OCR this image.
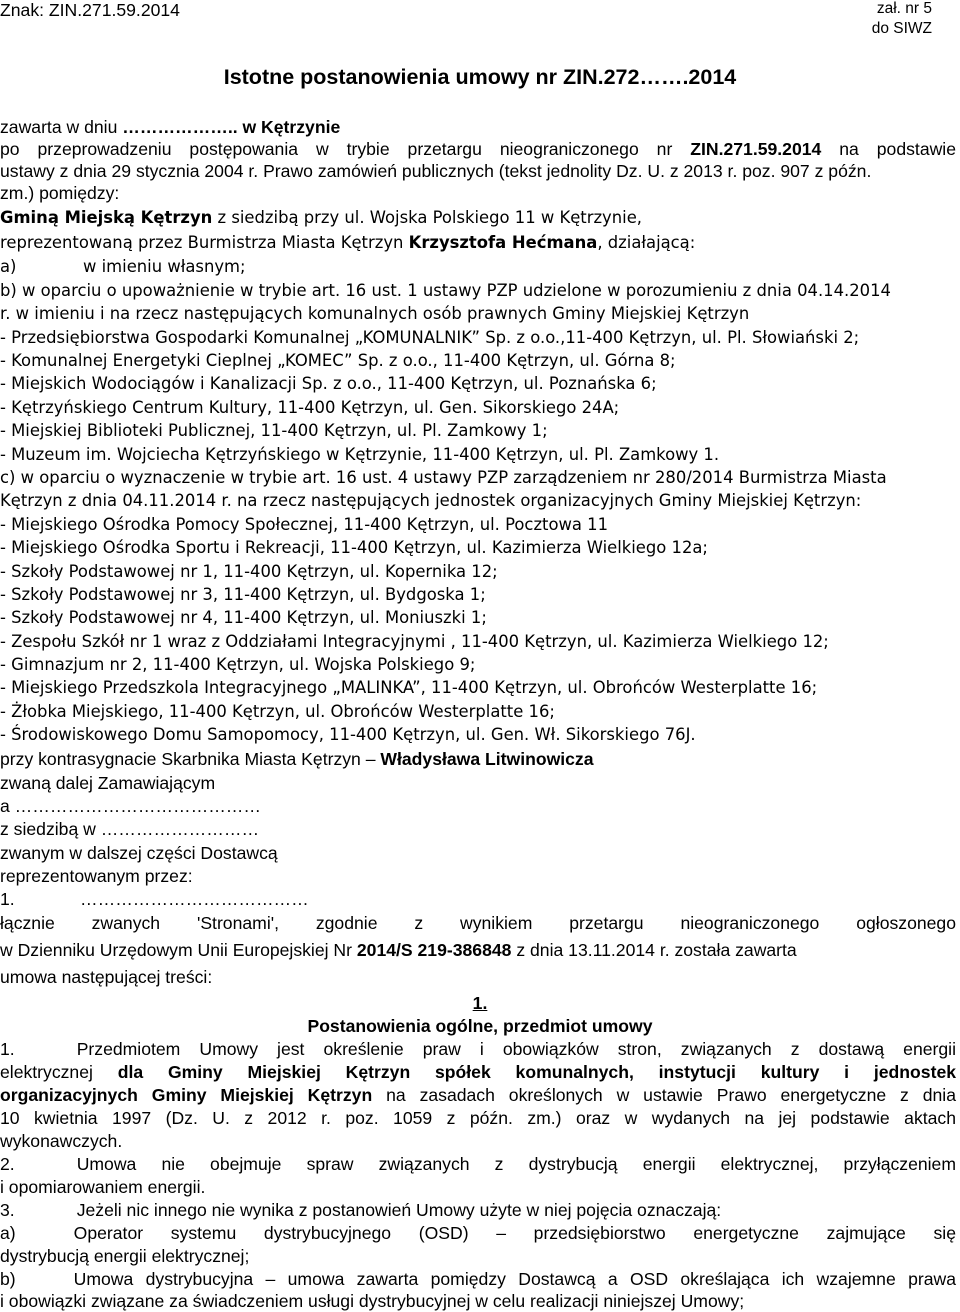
Znak: ZIN.271.59.2014	zał. nr 5
do SIWZ
Istotne postanowienia umowy nr ZIN.272…….2014
zawarta w dniu ……………….. w Kętrzynie
po przeprowadzeniu postępowania w trybie przetargu nieograniczonego nr ZIN.271.59.2014 na podstawie
ustawy z dnia 29 stycznia 2004 r. Prawo zamówień publicznych (tekst jednolity Dz. U. z 2013 r. poz. 907 z późn.
zm.) pomiędzy:
Gminą Miejską Kętrzyn z siedzibą przy ul. Wojska Polskiego 11 w Kętrzynie,
reprezentowaną przez Burmistrza Miasta Kętrzyn Krzysztofa Hećmana, działającą:
a)	w imieniu własnym;
b) w oparciu o upoważnienie w trybie art. 16 ust. 1 ustawy PZP udzielone w porozumieniu z dnia 04.14.2014
r. w imieniu i na rzecz następujących komunalnych osób prawnych Gminy Miejskiej Kętrzyn
- Przedsiębiorstwa Gospodarki Komunalnej „KOMUNALNIK” Sp. z o.o.,11-400 Kętrzyn, ul. Pl. Słowiański 2;
- Komunalnej Energetyki Cieplnej „KOMEC” Sp. z o.o., 11-400 Kętrzyn, ul. Górna 8;
- Miejskich Wodociągów i Kanalizacji Sp. z o.o., 11-400 Kętrzyn, ul. Poznańska 6;
- Kętrzyńskiego Centrum Kultury, 11-400 Kętrzyn, ul. Gen. Sikorskiego 24A;
- Miejskiej Biblioteki Publicznej, 11-400 Kętrzyn, ul. Pl. Zamkowy 1;
- Muzeum im. Wojciecha Kętrzyńskiego w Kętrzynie, 11-400 Kętrzyn, ul. Pl. Zamkowy 1.
c) w oparciu o wyznaczenie w trybie art. 16 ust. 4 ustawy PZP zarządzeniem nr 280/2014 Burmistrza Miasta
Kętrzyn z dnia 04.11.2014 r. na rzecz następujących jednostek organizacyjnych Gminy Miejskiej Kętrzyn:
- Miejskiego Ośrodka Pomocy Społecznej, 11-400 Kętrzyn, ul. Pocztowa 11
- Miejskiego Ośrodka Sportu i Rekreacji, 11-400 Kętrzyn, ul. Kazimierza Wielkiego 12a;
- Szkoły Podstawowej nr 1, 11-400 Kętrzyn, ul. Kopernika 12;
- Szkoły Podstawowej nr 3, 11-400 Kętrzyn, ul. Bydgoska 1;
- Szkoły Podstawowej nr 4, 11-400 Kętrzyn, ul. Moniuszki 1;
- Zespołu Szkół nr 1 wraz z Oddziałami Integracyjnymi , 11-400 Kętrzyn, ul. Kazimierza Wielkiego 12;
- Gimnazjum nr 2, 11-400 Kętrzyn, ul. Wojska Polskiego 9;
- Miejskiego Przedszkola Integracyjnego „MALINKA”, 11-400 Kętrzyn, ul. Obrońców Westerplatte 16;
- Żłobka Miejskiego, 11-400 Kętrzyn, ul. Obrońców Westerplatte 16;
- Środowiskowego Domu Samopomocy, 11-400 Kętrzyn, ul. Gen. Wł. Sikorskiego 76J.
przy kontrasygnacie Skarbnika Miasta Kętrzyn – Władysława Litwinowicza
zwaną dalej Zamawiającym
a ……………………………………
z siedzibą w ………………………
zwanym w dalszej części Dostawcą
reprezentowanym przez:
1.	…………………………………
łącznie zwanych 'Stronami', zgodnie z wynikiem przetargu nieograniczonego ogłoszonego
w Dzienniku Urzędowym Unii Europejskiej Nr 2014/S 219-386848 z dnia 13.11.2014 r. została zawarta
umowa następującej treści:
1.
Postanowienia ogólne, przedmiot umowy
1.	Przedmiotem Umowy jest określenie praw i obowiązków stron, związanych z dostawą energii
elektrycznej dla Gminy Miejskiej Kętrzyn spółek komunalnych, instytucji kultury i jednostek
organizacyjnych Gminy Miejskiej Kętrzyn na zasadach określonych w ustawie Prawo energetyczne z dnia
10 kwietnia 1997 (Dz. U. z 2012 r. poz. 1059 z późn. zm.) oraz w wydanych na jej podstawie aktach
wykonawczych.
2.	Umowa nie obejmuje spraw związanych z dystrybucją energii elektrycznej, przyłączeniem
i opomiarowaniem energii.
3.	Jeżeli nic innego nie wynika z postanowień Umowy użyte w niej pojęcia oznaczają:
a)	Operator systemu dystrybucyjnego (OSD) – przedsiębiorstwo energetyczne zajmujące się
dystrybucją energii elektrycznej;
b)	Umowa dystrybucyjna – umowa zawarta pomiędzy Dostawcą a OSD określająca ich wzajemne prawa
i obowiązki związane za świadczeniem usługi dystrybucyjnej w celu realizacji niniejszej Umowy;
